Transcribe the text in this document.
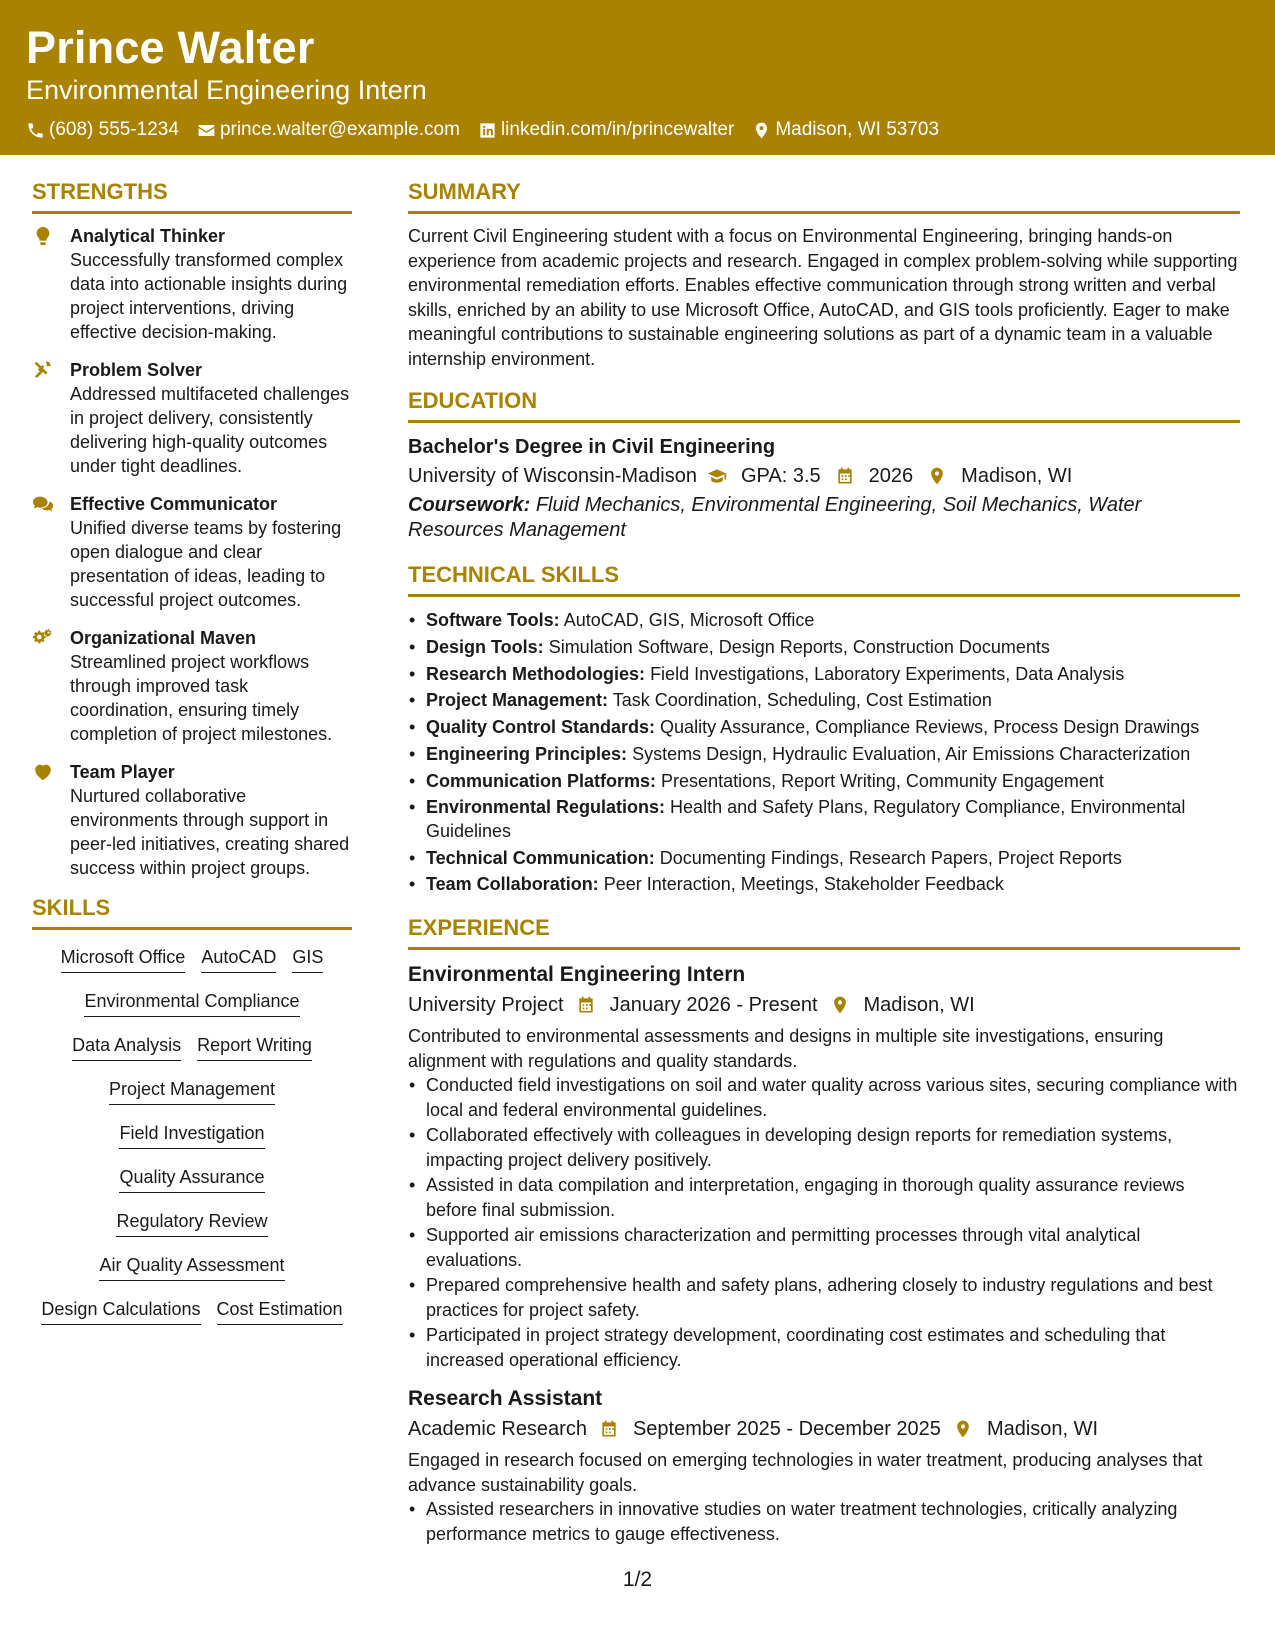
Prince Walter
Environmental Engineering Intern
(608) 555-1234 prince.walter@example.com linkedin.com/in/princewalter Madison, WI 53703
STRENGTHS
Analytical Thinker
Successfully transformed complex data into actionable insights during project interventions, driving effective decision-making.
Problem Solver
Addressed multifaceted challenges in project delivery, consistently delivering high-quality outcomes under tight deadlines.
Effective Communicator
Unified diverse teams by fostering open dialogue and clear presentation of ideas, leading to successful project outcomes.
Organizational Maven
Streamlined project workflows through improved task coordination, ensuring timely completion of project milestones.
Team Player
Nurtured collaborative environments through support in peer-led initiatives, creating shared success within project groups.
SKILLS
Microsoft Office AutoCAD GIS
Environmental Compliance
Data Analysis Report Writing
Project Management
Field Investigation
Quality Assurance
Regulatory Review
Air Quality Assessment
Design Calculations Cost Estimation
SUMMARY
Current Civil Engineering student with a focus on Environmental Engineering, bringing hands-on experience from academic projects and research. Engaged in complex problem-solving while supporting environmental remediation efforts. Enables effective communication through strong written and verbal skills, enriched by an ability to use Microsoft Office, AutoCAD, and GIS tools proficiently. Eager to make meaningful contributions to sustainable engineering solutions as part of a dynamic team in a valuable internship environment.
EDUCATION
Bachelor's Degree in Civil Engineering
University of Wisconsin-Madison GPA: 3.5 2026 Madison, WI
Coursework: Fluid Mechanics, Environmental Engineering, Soil Mechanics, Water Resources Management
TECHNICAL SKILLS
• Software Tools: AutoCAD, GIS, Microsoft Office
• Design Tools: Simulation Software, Design Reports, Construction Documents
• Research Methodologies: Field Investigations, Laboratory Experiments, Data Analysis
• Project Management: Task Coordination, Scheduling, Cost Estimation
• Quality Control Standards: Quality Assurance, Compliance Reviews, Process Design Drawings
• Engineering Principles: Systems Design, Hydraulic Evaluation, Air Emissions Characterization
• Communication Platforms: Presentations, Report Writing, Community Engagement
• Environmental Regulations: Health and Safety Plans, Regulatory Compliance, Environmental Guidelines
• Technical Communication: Documenting Findings, Research Papers, Project Reports
• Team Collaboration: Peer Interaction, Meetings, Stakeholder Feedback
EXPERIENCE
Environmental Engineering Intern
University Project January 2026 - Present Madison, WI
Contributed to environmental assessments and designs in multiple site investigations, ensuring alignment with regulations and quality standards.
• Conducted field investigations on soil and water quality across various sites, securing compliance with local and federal environmental guidelines.
• Collaborated effectively with colleagues in developing design reports for remediation systems, impacting project delivery positively.
• Assisted in data compilation and interpretation, engaging in thorough quality assurance reviews before final submission.
• Supported air emissions characterization and permitting processes through vital analytical evaluations.
• Prepared comprehensive health and safety plans, adhering closely to industry regulations and best practices for project safety.
• Participated in project strategy development, coordinating cost estimates and scheduling that increased operational efficiency.
Research Assistant
Academic Research September 2025 - December 2025 Madison, WI
Engaged in research focused on emerging technologies in water treatment, producing analyses that advance sustainability goals.
• Assisted researchers in innovative studies on water treatment technologies, critically analyzing performance metrics to gauge effectiveness.
1/2
